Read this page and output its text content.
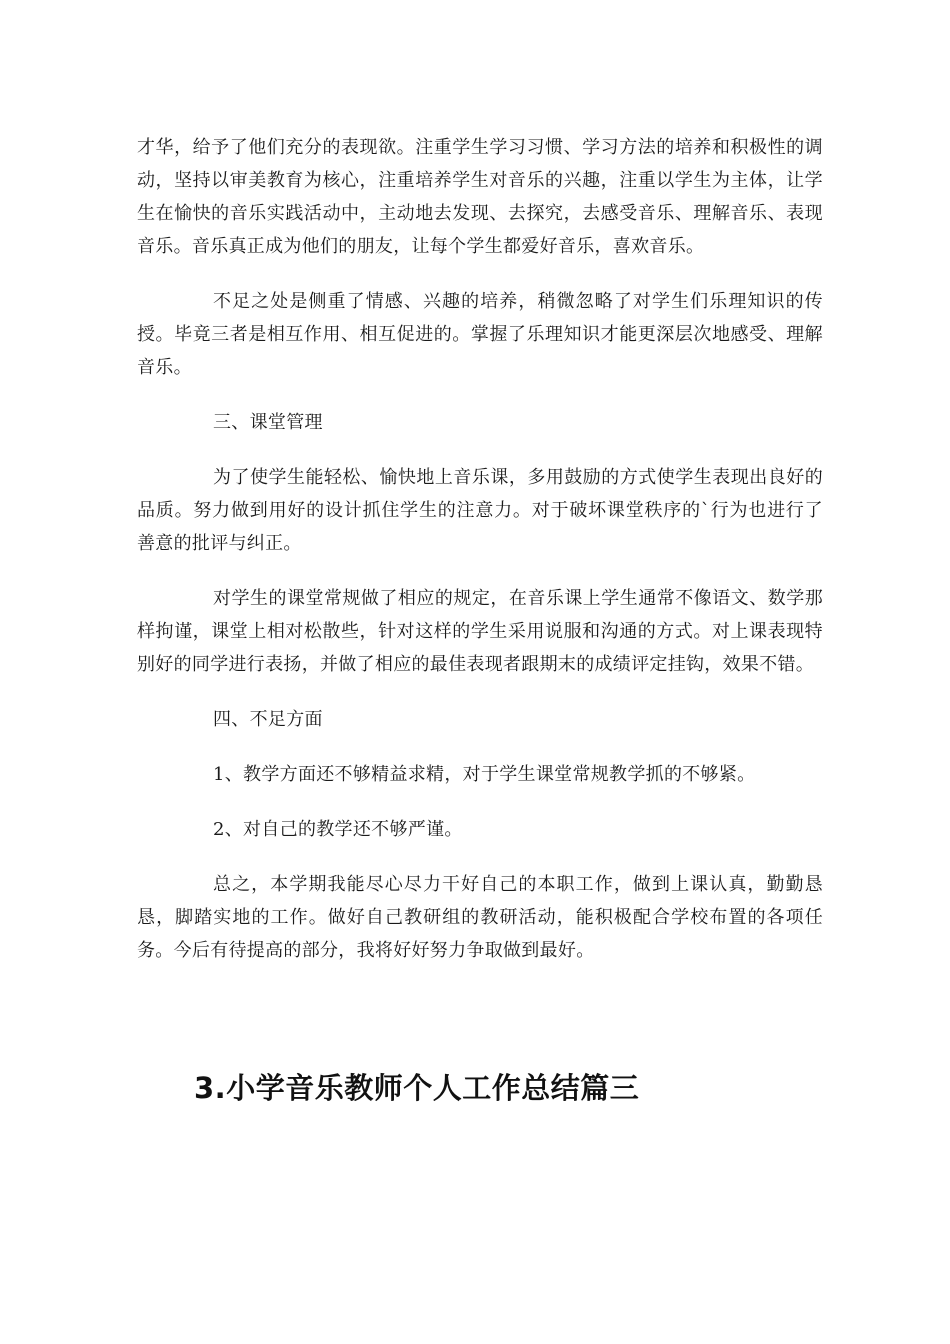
才华，给予了他们充分的表现欲。注重学生学习习惯、学习方法的培养和积极性的调动，坚持以审美教育为核心，注重培养学生对音乐的兴趣，注重以学生为主体，让学生在愉快的音乐实践活动中，主动地去发现、去探究，去感受音乐、理解音乐、表现音乐。音乐真正成为他们的朋友，让每个学生都爱好音乐，喜欢音乐。

不足之处是侧重了情感、兴趣的培养，稍微忽略了对学生们乐理知识的传授。毕竟三者是相互作用、相互促进的。掌握了乐理知识才能更深层次地感受、理解音乐。

三、课堂管理

为了使学生能轻松、愉快地上音乐课，多用鼓励的方式使学生表现出良好的品质。努力做到用好的设计抓住学生的注意力。对于破坏课堂秩序的`行为也进行了善意的批评与纠正。

对学生的课堂常规做了相应的规定，在音乐课上学生通常不像语文、数学那样拘谨，课堂上相对松散些，针对这样的学生采用说服和沟通的方式。对上课表现特别好的同学进行表扬，并做了相应的最佳表现者跟期末的成绩评定挂钩，效果不错。

四、不足方面

1、教学方面还不够精益求精，对于学生课堂常规教学抓的不够紧。

2、对自己的教学还不够严谨。

总之，本学期我能尽心尽力干好自己的本职工作，做到上课认真，勤勤恳恳，脚踏实地的工作。做好自己教研组的教研活动，能积极配合学校布置的各项任务。今后有待提高的部分，我将好好努力争取做到最好。

3.小学音乐教师个人工作总结篇三
